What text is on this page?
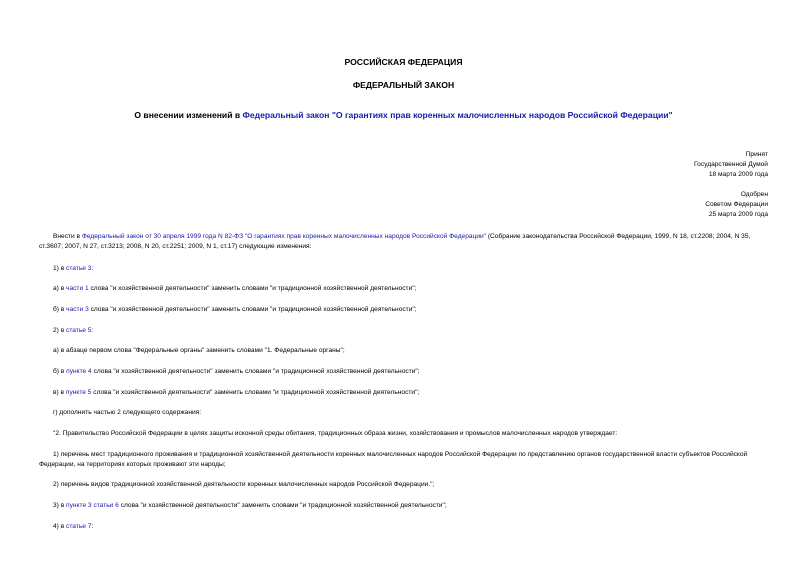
РОССИЙСКАЯ ФЕДЕРАЦИЯ
ФЕДЕРАЛЬНЫЙ ЗАКОН
О внесении изменений в Федеральный закон "О гарантиях прав коренных малочисленных народов Российской Федерации"
Принят
Государственной Думой
18 марта 2009 года
Одобрен
Советом Федерации
25 марта 2009 года
Внести в Федеральный закон от 30 апреля 1999 года N 82-ФЗ "О гарантиях прав коренных малочисленных народов Российской Федерации" (Собрание законодательства Российской Федерации, 1999, N 18, ст.2208; 2004, N 35, ст.3607; 2007, N 27, ст.3213; 2008, N 20, ст.2251; 2009, N 1, ст.17) следующие изменения:
1) в статье 3:
а) в части 1 слова "и хозяйственной деятельности" заменить словами "и традиционной хозяйственной деятельности";
б) в части 3 слова "и хозяйственной деятельности" заменить словами "и традиционной хозяйственной деятельности";
2) в статье 5:
а) в абзаце первом слова "Федеральные органы" заменить словами "1. Федеральные органы";
б) в пункте 4 слова "и хозяйственной деятельности" заменить словами "и традиционной хозяйственной деятельности";
в) в пункте 5 слова "и хозяйственной деятельности" заменить словами "и традиционной хозяйственной деятельности";
г) дополнить частью 2 следующего содержания:
"2. Правительство Российской Федерации в целях защиты исконной среды обитания, традиционных образа жизни, хозяйствования и промыслов малочисленных народов утверждает:
1) перечень мест традиционного проживания и традиционной хозяйственной деятельности коренных малочисленных народов Российской Федерации по представлению органов государственной власти субъектов Российской Федерации, на территориях которых проживают эти народы;
2) перечень видов традиционной хозяйственной деятельности коренных малочисленных народов Российской Федерации.";
3) в пункте 3 статьи 6 слова "и хозяйственной деятельности" заменить словами "и традиционной хозяйственной деятельности";
4) в статье 7:
